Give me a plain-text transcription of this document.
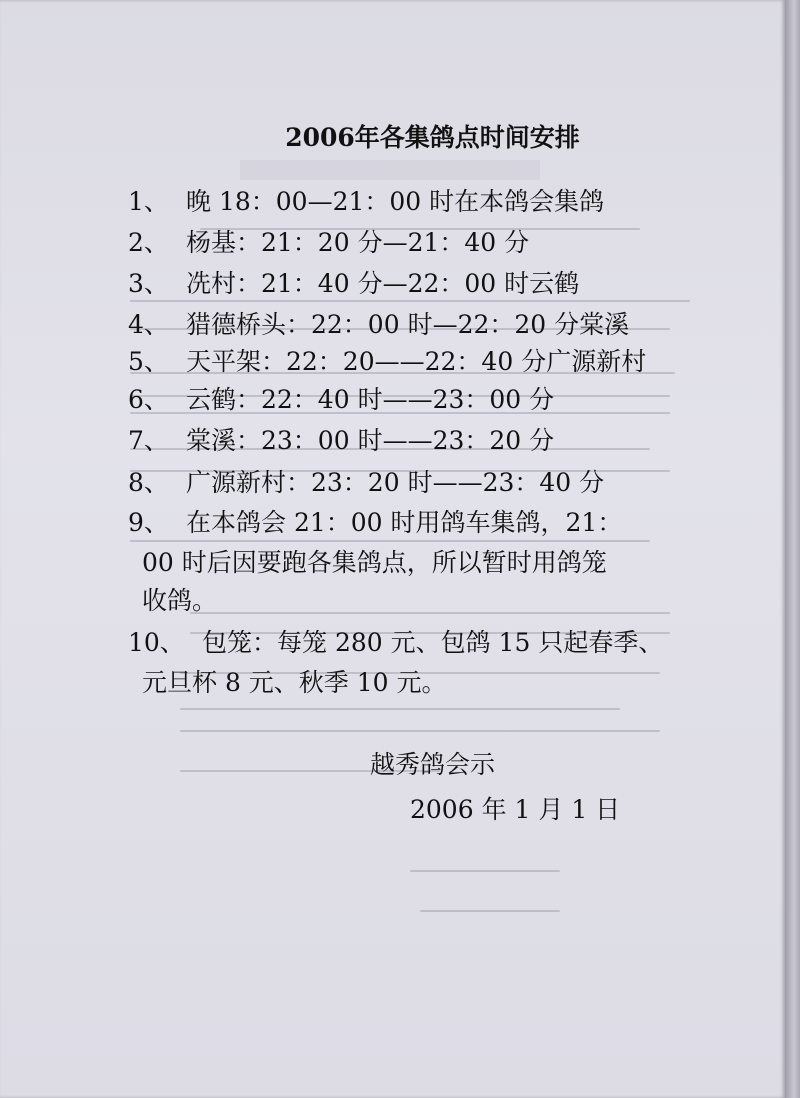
2006年各集鸽点时间安排
1、 晚 18：00—21：00 时在本鸽会集鸽
2、 杨基：21：20 分—21：40 分
3、 冼村：21：40 分—22：00 时云鹤
4、 猎德桥头：22：00 时—22：20 分棠溪
5、 天平架：22：20——22：40 分广源新村
6、 云鹤：22：40 时——23：00 分
7、 棠溪：23：00 时——23：20 分
8、 广源新村：23：20 时——23：40 分
9、 在本鸽会 21：00 时用鸽车集鸽，21：
00 时后因要跑各集鸽点，所以暂时用鸽笼
收鸽。
10、 包笼：每笼 280 元、包鸽 15 只起春季、
元旦杯 8 元、秋季 10 元。
越秀鸽会示
2006 年 1 月 1 日
